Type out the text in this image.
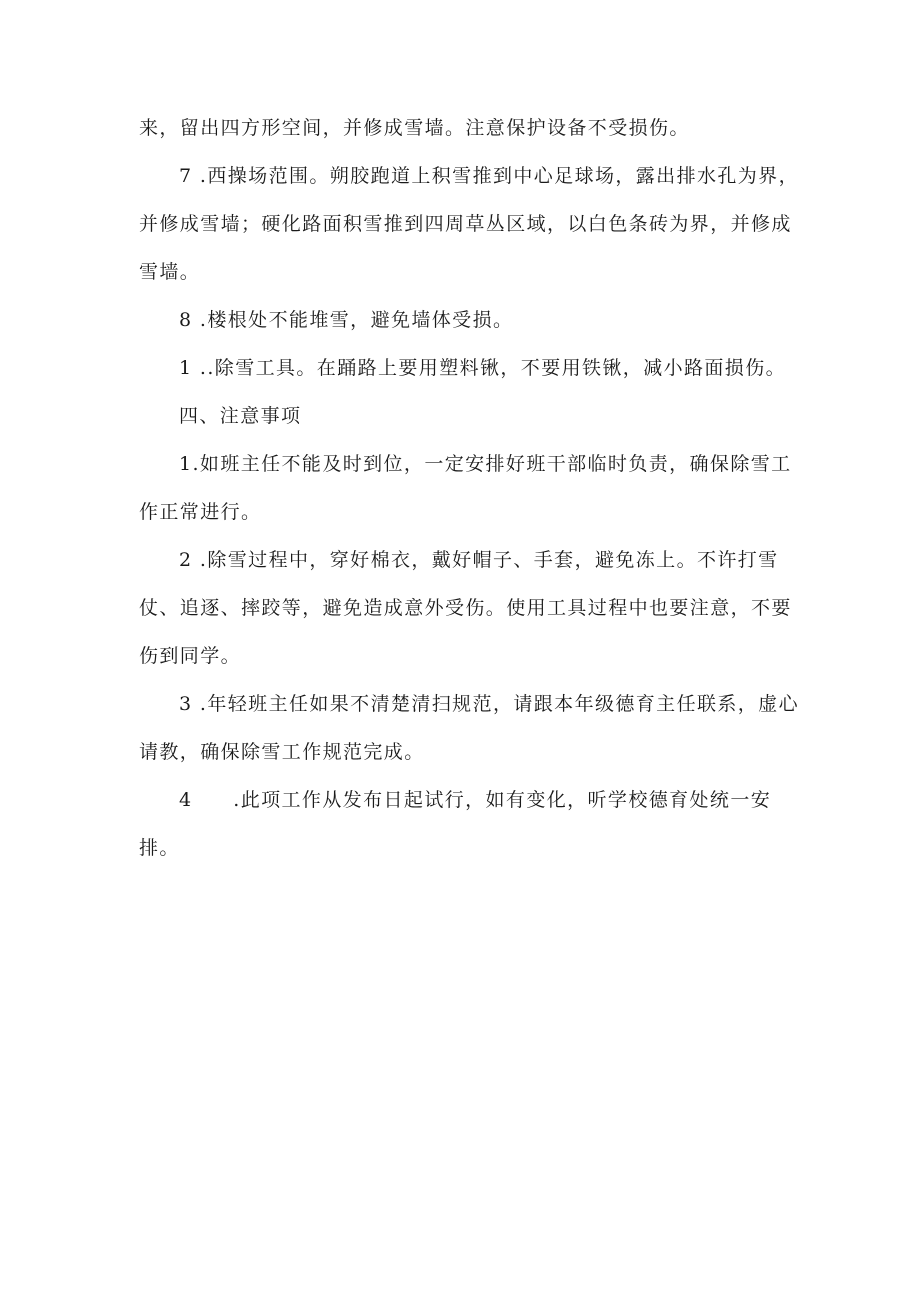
来，留出四方形空间，并修成雪墙。注意保护设备不受损伤。

7 .西操场范围。朔胶跑道上积雪推到中心足球场，露出排水孔为界，并修成雪墙；硬化路面积雪推到四周草丛区域，以白色条砖为界，并修成雪墙。

8 .楼根处不能堆雪，避免墙体受损。

1 ..除雪工具。在踊路上要用塑料锹，不要用铁锹，减小路面损伤。

四、注意事项

1.如班主任不能及时到位，一定安排好班干部临时负责，确保除雪工作正常进行。

2 .除雪过程中，穿好棉衣，戴好帽子、手套，避免冻上。不许打雪仗、追逐、摔跤等，避免造成意外受伤。使用工具过程中也要注意，不要伤到同学。

3 .年轻班主任如果不清楚清扫规范，请跟本年级德育主任联系，虚心请教，确保除雪工作规范完成。

4　　.此项工作从发布日起试行，如有变化，听学校德育处统一安排。
